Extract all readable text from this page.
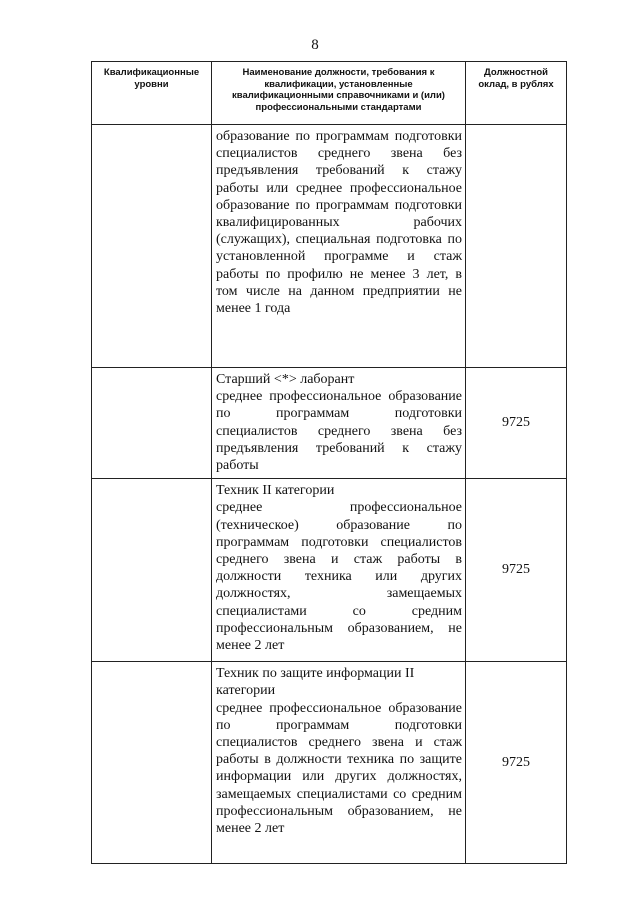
8
Квалификационные уровни	Наименование должности, требования к квалификации, установленные квалификационными справочниками и (или) профессиональными стандартами	Должностной оклад, в рублях

	образование по программам подготовки специалистов среднего звена без предъявления требований к стажу работы или среднее профессиональное образование по программам подготовки квалифицированных рабочих (служащих), специальная подготовка по установленной программе и стаж работы по профилю не менее 3 лет, в том числе на данном предприятии не менее 1 года	

	Старший <*> лаборант
среднее профессиональное образование по программам подготовки специалистов среднего звена без предъявления требований к стажу работы	9725

	Техник II категории
среднее профессиональное (техническое) образование по программам подготовки специалистов среднего звена и стаж работы в должности техника или других должностях, замещаемых специалистами со средним профессиональным образованием, не менее 2 лет	9725

	Техник по защите информации II категории
среднее профессиональное образование по программам подготовки специалистов среднего звена и стаж работы в должности техника по защите информации или других должностях, замещаемых специалистами со средним профессиональным образованием, не менее 2 лет	9725
